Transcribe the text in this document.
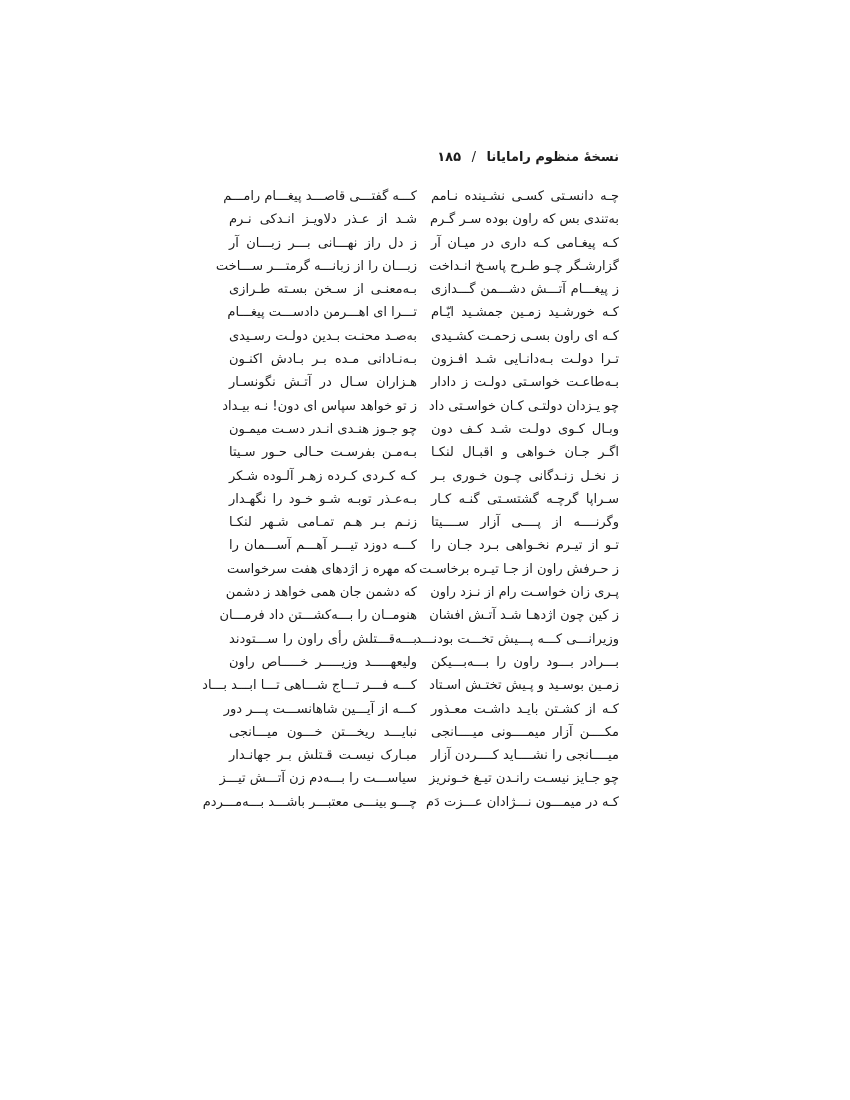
نسخهٔ منظوم رامایانا / ۱۸۵
چـه دانسـتی کسـی نشـینده نـامم
به‌تندی بس که راون بوده سـر گـرم
کـه پیغـامی کـه داری در میـان آر
گزارشـگر چـو طـرح پاسـخ انـداخت
ز پیغـــام آتـــش دشـــمن گـــدازی
کـه خورشـید زمـین جمشـید ایّـام
کـه ای راون بسـی زحمـت کشـیدی
تـرا دولـت بـه‌دانـایی شـد افـزون
بـه‌طاعـت خواسـتی دولـت ز دادار
چو یـزدان دولتـی کـان خواسـتی داد
وبـال کـوی دولـت شـد کـف دون
اگـر جـان خـواهی و اقبـال لنکـا
ز نخـل زنـدگانی چـون خـوری بـر
سـراپا گرچـه گشتسـتی گنـه کـار
وگرنــــه از پــــی آزار ســــیتا
تـو از تیـرم نخـواهی بـرد جـان را
ز حـرفش راون از جـا تیـره برخاسـت
پـری زان خواسـت رام از نـزد راون
ز کین چون اژدهـا شـد آتـش افشان
وزیرانـــی کـــه پـــیش تخـــت بودنـــد
بـــرادر بـــود راون را بـــه‌بـــیکن
زمـین بوسـید و پـیش تختـش اسـتاد
کـه از کشـتن بایـد داشـت معـذور
مکــــن آزار میمــــونی میــــانجی
میــــانجی را نشــــاید کــــردن آزار
چو جـایز نیسـت رانـدن تیـغ خـونریز
کـه در میمـــون نـــژادان عـــزت دَم
کـــه گفتـــی قاصـــد پیغـــام رامـــم
شـد از عـذر دلاویـز انـدکی نـرم
ز دل راز نهـــانی بـــر زبـــان آر
زبـــان را از زبانـــه گرمتـــر ســـاخت
بـه‌معنـی از سـخن بسـته طـرازی
تـــرا ای اهـــرمن دادســـت پیغـــام
به‌صـد محنـت بـدین دولـت رسـیدی
بـه‌نـادانی مـده بـر بـادش اکنـون
هـزاران سـال در آتـش نگونسـار
ز تو خواهد سپاس ای دون! نـه بیـداد
چو جـوز هنـدی انـدر دسـت میمـون
بـه‌مـن بفرسـت حـالی حـور سـیتا
کـه کـردی کـرده زهـر آلـوده شـکر
بـه‌عـذر توبـه شـو خـود را نگهـدار
زنـم بـر هـم تمـامی شـهر لنکـا
کـــه دوزد تیـــر آهـــم آســـمان را
که مهره ز اژدهای هفت سرخواست
که دشمن جان همی خواهد ز دشمن
هنومــان را بـــه‌کشـــتن داد فرمـــان
بـــه‌قـــتلش رأی راون را ســـتودند
ولیعهـــــد وزیـــــر خـــــاص راون
کـــه فـــر تـــاج شـــاهی تـــا ابـــد بـــاد
کـــه از آیـــین شاهانســـت پـــر دور
نبایـــد ریخـــتن خـــون میـــانجی
مبـارک نیسـت قـتلش بـر جهانـدار
سیاســـت را بـــه‌دم زن آتـــش تیـــز
چـــو بینـــی معتبـــر باشـــد بـــه‌مـــردم
